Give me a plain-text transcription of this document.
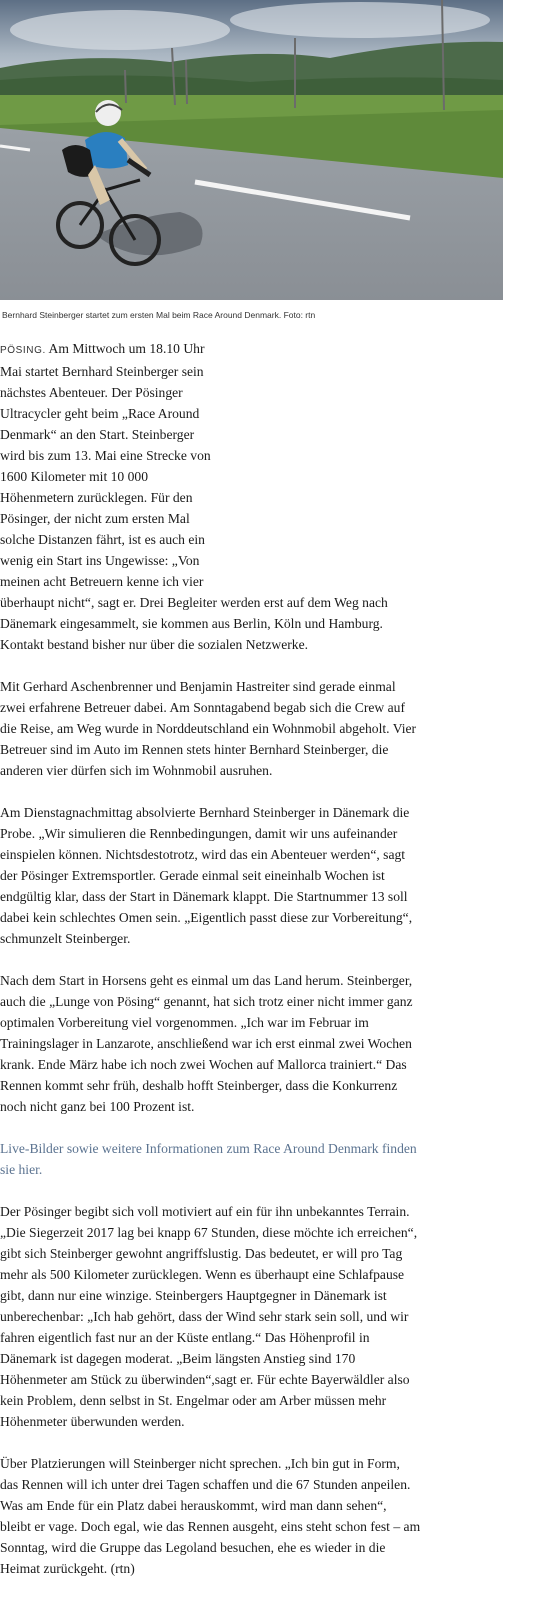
Bernhard Steinberger startet zum ersten Mal beim Race Around Denmark. Foto: rtn

PÖSING. Am Mittwoch um 18.10 Uhr
Mai startet Bernhard Steinberger sein
nächstes Abenteuer. Der Pösinger
Ultracycler geht beim „Race Around
Denmark“ an den Start. Steinberger
wird bis zum 13. Mai eine Strecke von
1600 Kilometer mit 10 000
Höhenmetern zurücklegen. Für den
Pösinger, der nicht zum ersten Mal
solche Distanzen fährt, ist es auch ein
wenig ein Start ins Ungewisse: „Von
meinen acht Betreuern kenne ich vier
überhaupt nicht“, sagt er. Drei Begleiter werden erst auf dem Weg nach
Dänemark eingesammelt, sie kommen aus Berlin, Köln und Hamburg.
Kontakt bestand bisher nur über die sozialen Netzwerke.

Mit Gerhard Aschenbrenner und Benjamin Hastreiter sind gerade einmal
zwei erfahrene Betreuer dabei. Am Sonntagabend begab sich die Crew auf
die Reise, am Weg wurde in Norddeutschland ein Wohnmobil abgeholt. Vier
Betreuer sind im Auto im Rennen stets hinter Bernhard Steinberger, die
anderen vier dürfen sich im Wohnmobil ausruhen.

Am Dienstagnachmittag absolvierte Bernhard Steinberger in Dänemark die
Probe. „Wir simulieren die Rennbedingungen, damit wir uns aufeinander
einspielen können. Nichtsdestotrotz, wird das ein Abenteuer werden“, sagt
der Pösinger Extremsportler. Gerade einmal seit eineinhalb Wochen ist
endgültig klar, dass der Start in Dänemark klappt. Die Startnummer 13 soll
dabei kein schlechtes Omen sein. „Eigentlich passt diese zur Vorbereitung“,
schmunzelt Steinberger.

Nach dem Start in Horsens geht es einmal um das Land herum. Steinberger,
auch die „Lunge von Pösing“ genannt, hat sich trotz einer nicht immer ganz
optimalen Vorbereitung viel vorgenommen. „Ich war im Februar im
Trainingslager in Lanzarote, anschließend war ich erst einmal zwei Wochen
krank. Ende März habe ich noch zwei Wochen auf Mallorca trainiert.“ Das
Rennen kommt sehr früh, deshalb hofft Steinberger, dass die Konkurrenz
noch nicht ganz bei 100 Prozent ist.

Live-Bilder sowie weitere Informationen zum Race Around Denmark finden
sie hier.

Der Pösinger begibt sich voll motiviert auf ein für ihn unbekanntes Terrain.
„Die Siegerzeit 2017 lag bei knapp 67 Stunden, diese möchte ich erreichen“,
gibt sich Steinberger gewohnt angriffslustig. Das bedeutet, er will pro Tag
mehr als 500 Kilometer zurücklegen. Wenn es überhaupt eine Schlafpause
gibt, dann nur eine winzige. Steinbergers Hauptgegner in Dänemark ist
unberechenbar: „Ich hab gehört, dass der Wind sehr stark sein soll, und wir
fahren eigentlich fast nur an der Küste entlang.“ Das Höhenprofil in
Dänemark ist dagegen moderat. „Beim längsten Anstieg sind 170
Höhenmeter am Stück zu überwinden“,sagt er. Für echte Bayerwäldler also
kein Problem, denn selbst in St. Engelmar oder am Arber müssen mehr
Höhenmeter überwunden werden.

Über Platzierungen will Steinberger nicht sprechen. „Ich bin gut in Form,
das Rennen will ich unter drei Tagen schaffen und die 67 Stunden anpeilen.
Was am Ende für ein Platz dabei herauskommt, wird man dann sehen“,
bleibt er vage. Doch egal, wie das Rennen ausgeht, eins steht schon fest – am
Sonntag, wird die Gruppe das Legoland besuchen, ehe es wieder in die
Heimat zurückgeht. (rtn)
